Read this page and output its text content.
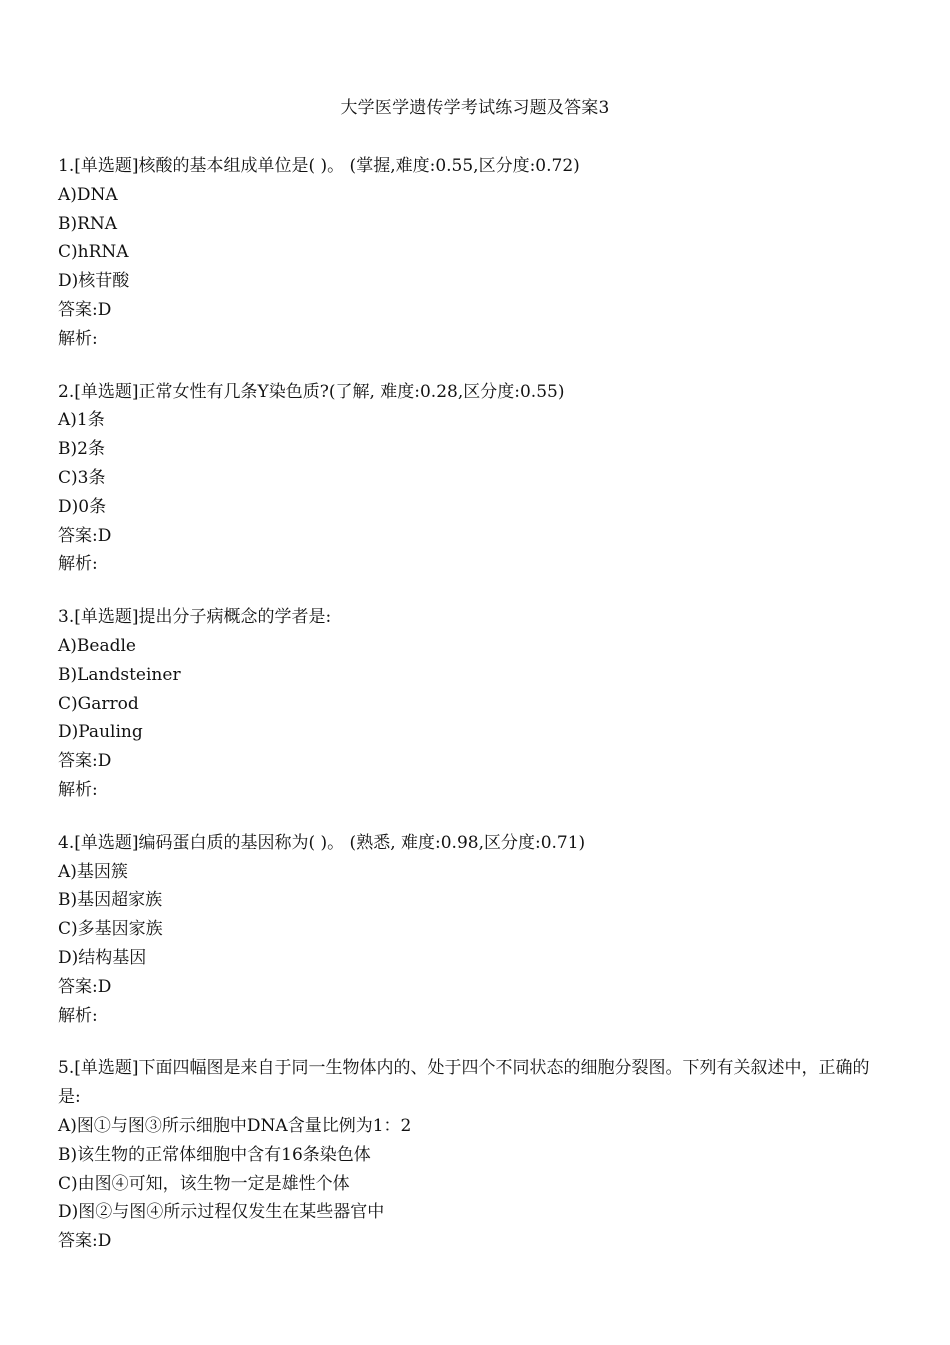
大学医学遗传学考试练习题及答案3
1.[单选题]核酸的基本组成单位是( )。 (掌握,难度:0.55,区分度:0.72)
A)DNA
B)RNA
C)hRNA
D)核苷酸
答案:D
解析:
2.[单选题]正常女性有几条Y染色质?(了解, 难度:0.28,区分度:0.55)
A)1条
B)2条
C)3条
D)0条
答案:D
解析:
3.[单选题]提出分子病概念的学者是:
A)Beadle
B)Landsteiner
C)Garrod
D)Pauling
答案:D
解析:
4.[单选题]编码蛋白质的基因称为( )。 (熟悉, 难度:0.98,区分度:0.71)
A)基因簇
B)基因超家族
C)多基因家族
D)结构基因
答案:D
解析:
5.[单选题]下面四幅图是来自于同一生物体内的、处于四个不同状态的细胞分裂图。下列有关叙述中，正确的是:
A)图①与图③所示细胞中DNA含量比例为1：2
B)该生物的正常体细胞中含有16条染色体
C)由图④可知，该生物一定是雄性个体
D)图②与图④所示过程仅发生在某些器官中
答案:D
